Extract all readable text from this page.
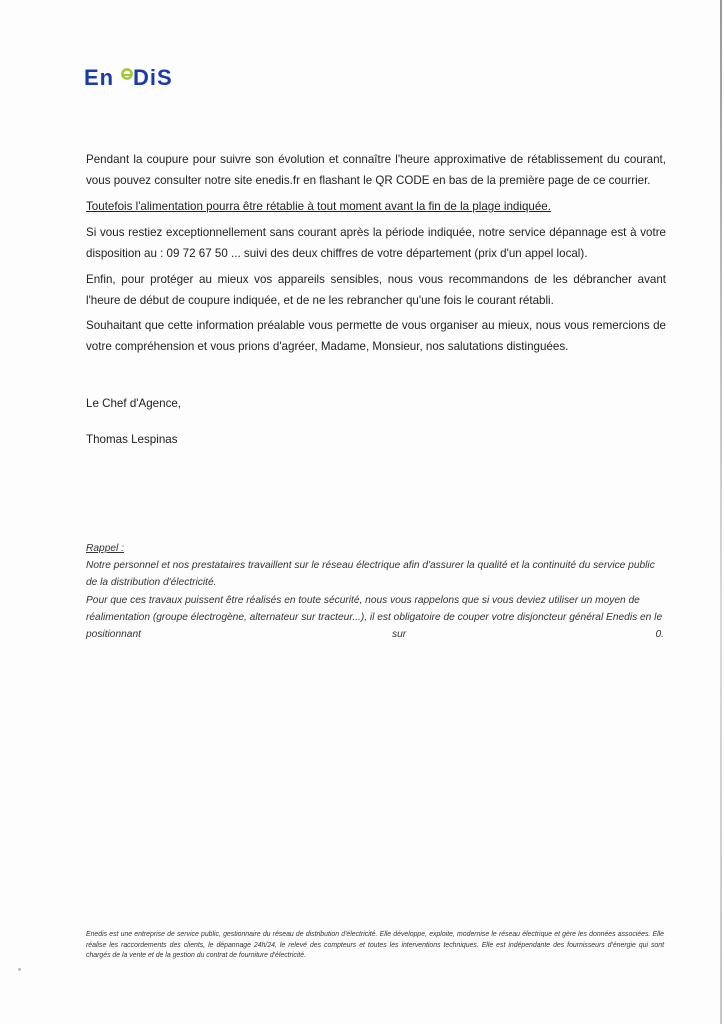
En DiS

Pendant la coupure pour suivre son évolution et connaître l'heure approximative de rétablissement du courant, vous pouvez consulter notre site enedis.fr en flashant le QR CODE en bas de la première page de ce courrier.

Toutefois l'alimentation pourra être rétablie à tout moment avant la fin de la plage indiquée.

Si vous restiez exceptionnellement sans courant après la période indiquée, notre service dépannage est à votre disposition au : 09 72 67 50 ... suivi des deux chiffres de votre département (prix d'un appel local).

Enfin, pour protéger au mieux vos appareils sensibles, nous vous recommandons de les débrancher avant l'heure de début de coupure indiquée, et de ne les rebrancher qu'une fois le courant rétabli.

Souhaitant que cette information préalable vous permette de vous organiser au mieux, nous vous remercions de votre compréhension et vous prions d'agréer, Madame, Monsieur, nos salutations distinguées.

Le Chef d'Agence,
Thomas Lespinas
Rappel :
Notre personnel et nos prestataires travaillent sur le réseau électrique afin d'assurer la qualité et la continuité du service public de la distribution d'électricité.
Pour que ces travaux puissent être réalisés en toute sécurité, nous vous rappelons que si vous deviez utiliser un moyen de réalimentation (groupe électrogène, alternateur sur tracteur...), il est obligatoire de couper votre disjoncteur général Enedis en le
positionnant	sur	0.
Enedis est une entreprise de service public, gestionnaire du réseau de distribution d'électricité. Elle développe, exploite, modernise le réseau électrique et gère les données associées. Elle réalise les raccordements des clients, le dépannage 24h/24, le relevé des compteurs et toutes les interventions techniques. Elle est indépendante des fournisseurs d'énergie qui sont chargés de la vente et de la gestion du contrat de fourniture d'électricité.
